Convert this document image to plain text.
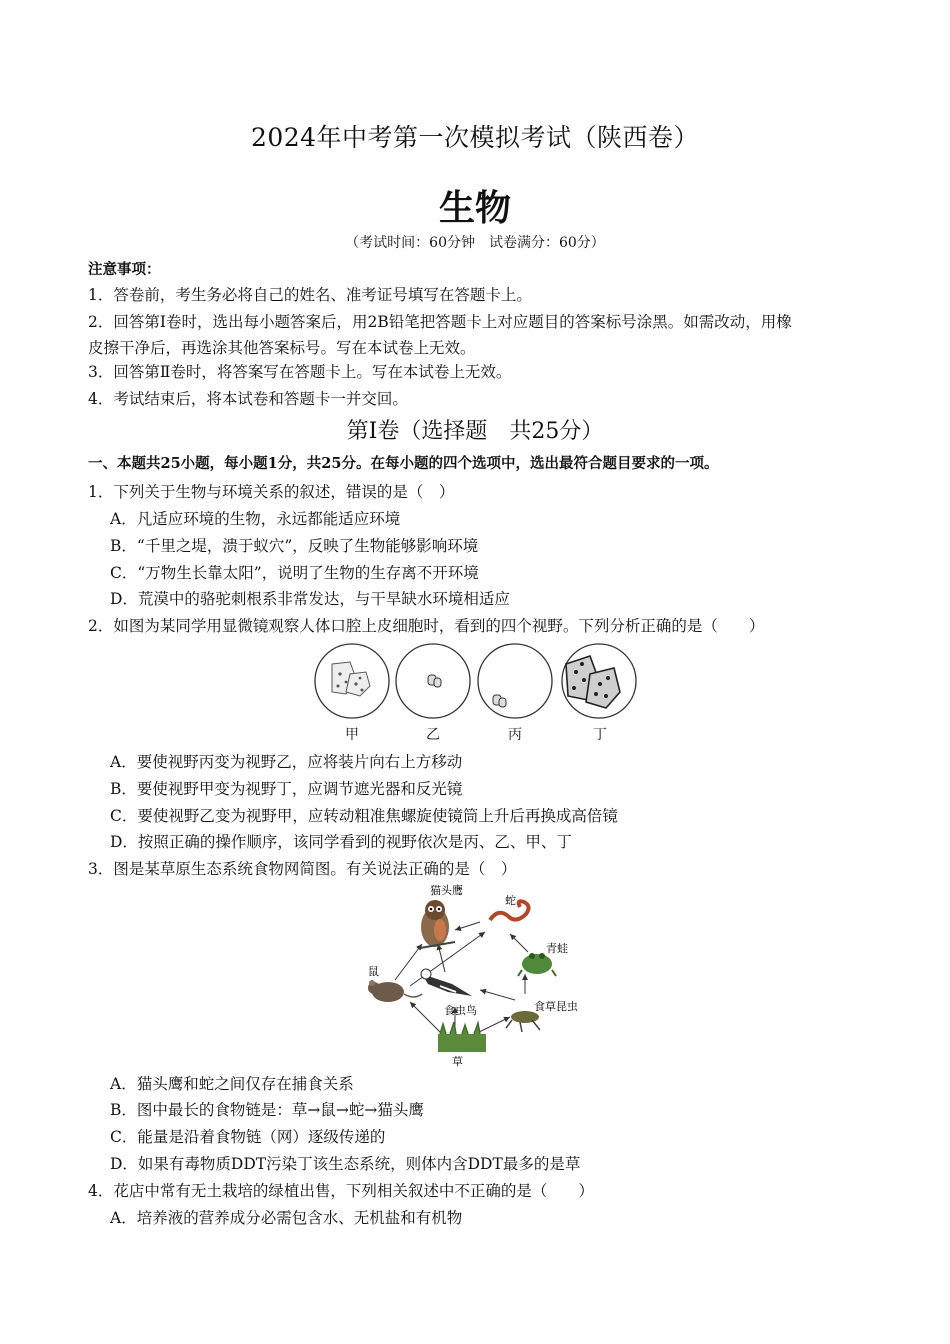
2024年中考第一次模拟考试（陕西卷）
生物
（考试时间：60分钟　试卷满分：60分）
注意事项：
1．答卷前，考生务必将自己的姓名、准考证号填写在答题卡上。
2．回答第Ⅰ卷时，选出每小题答案后，用2B铅笔把答题卡上对应题目的答案标号涂黑。如需改动，用橡
皮擦干净后，再选涂其他答案标号。写在本试卷上无效。
3．回答第Ⅱ卷时，将答案写在答题卡上。写在本试卷上无效。
4．考试结束后，将本试卷和答题卡一并交回。
第Ⅰ卷（选择题　共25分）
一、本题共25小题，每小题1分，共25分。在每小题的四个选项中，选出最符合题目要求的一项。
1．下列关于生物与环境关系的叙述，错误的是（　）
A．凡适应环境的生物，永远都能适应环境
B．“千里之堤，溃于蚁穴”，反映了生物能够影响环境
C．“万物生长靠太阳”，说明了生物的生存离不开环境
D．荒漠中的骆驼刺根系非常发达，与干旱缺水环境相适应
2．如图为某同学用显微镜观察人体口腔上皮细胞时，看到的四个视野。下列分析正确的是（　　）
甲	乙	丙	丁
A．要使视野丙变为视野乙，应将装片向右上方移动
B．要使视野甲变为视野丁，应调节遮光器和反光镜
C．要使视野乙变为视野甲，应转动粗准焦螺旋使镜筒上升后再换成高倍镜
D．按照正确的操作顺序，该同学看到的视野依次是丙、乙、甲、丁
3．图是某草原生态系统食物网简图。有关说法正确的是（　）
猫头鹰
蛇
青蛙
鼠
食虫鸟	食草昆虫
草
A．猫头鹰和蛇之间仅存在捕食关系
B．图中最长的食物链是：草→鼠→蛇→猫头鹰
C．能量是沿着食物链（网）逐级传递的
D．如果有毒物质DDT污染丁该生态系统，则体内含DDT最多的是草
4．花店中常有无土栽培的绿植出售，下列相关叙述中不正确的是（　　）
A．培养液的营养成分必需包含水、无机盐和有机物
